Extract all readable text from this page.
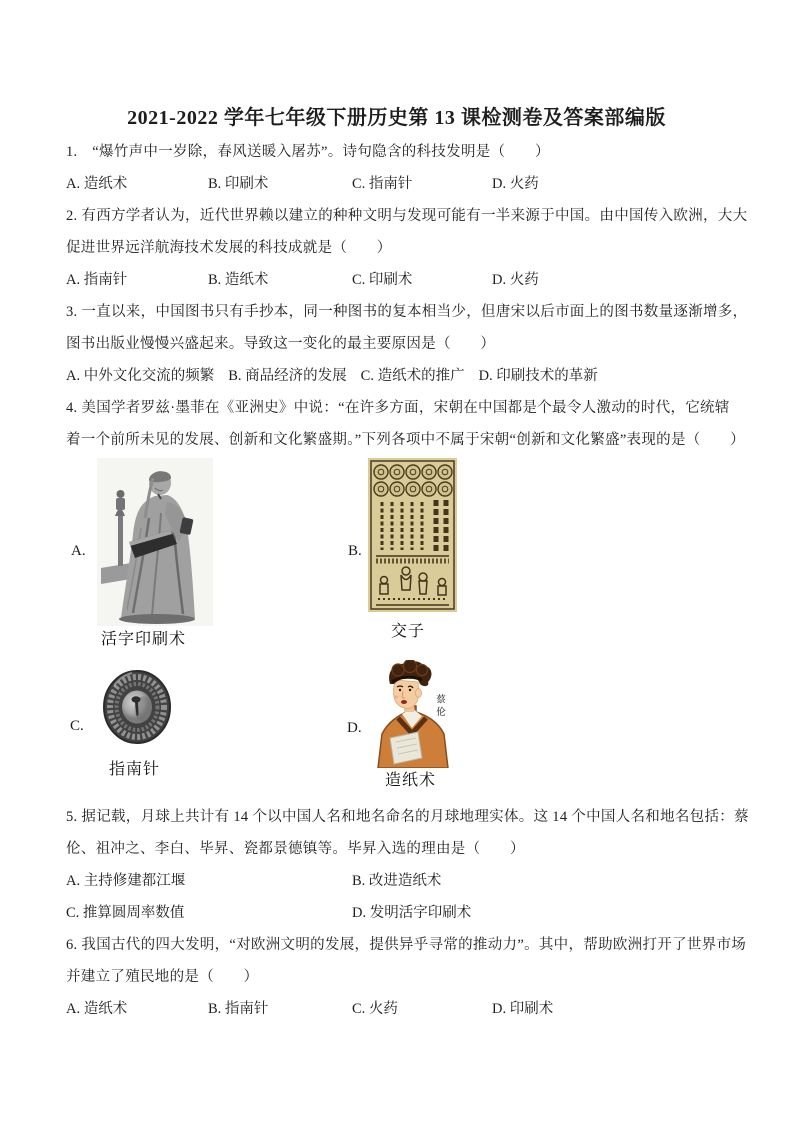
2021-2022 学年七年级下册历史第 13 课检测卷及答案部编版
1.　“爆竹声中一岁除，春风送暖入屠苏”。诗句隐含的科技发明是（　　）
A. 造纸术	B. 印刷术	C. 指南针	D. 火药
2. 有西方学者认为，近代世界赖以建立的种种文明与发现可能有一半来源于中国。由中国传入欧洲，大大
促进世界远洋航海技术发展的科技成就是（　　）
A. 指南针	B. 造纸术	C. 印刷术	D. 火药
3. 一直以来，中国图书只有手抄本，同一种图书的复本相当少，但唐宋以后市面上的图书数量逐渐增多，
图书出版业慢慢兴盛起来。导致这一变化的最主要原因是（　　）
A. 中外文化交流的频繁 B. 商品经济的发展 C. 造纸术的推广 D. 印刷技术的革新
4. 美国学者罗兹·墨菲在《亚洲史》中说：“在许多方面，宋朝在中国都是个最令人激动的时代，它统辖
着一个前所未见的发展、创新和文化繁盛期。”下列各项中不属于宋朝“创新和文化繁盛”表现的是（　　）
A.
活字印刷术
B.
交子
C.
指南针
D.
蔡伦
造纸术
5. 据记载，月球上共计有 14 个以中国人名和地名命名的月球地理实体。这 14 个中国人名和地名包括：蔡
伦、祖冲之、李白、毕昇、瓷都景德镇等。毕昇入选的理由是（　　）
A. 主持修建都江堰	B. 改进造纸术
C. 推算圆周率数值	D. 发明活字印刷术
6. 我国古代的四大发明，“对欧洲文明的发展，提供异乎寻常的推动力”。其中，帮助欧洲打开了世界市场
并建立了殖民地的是（　　）
A. 造纸术	B. 指南针	C. 火药	D. 印刷术
